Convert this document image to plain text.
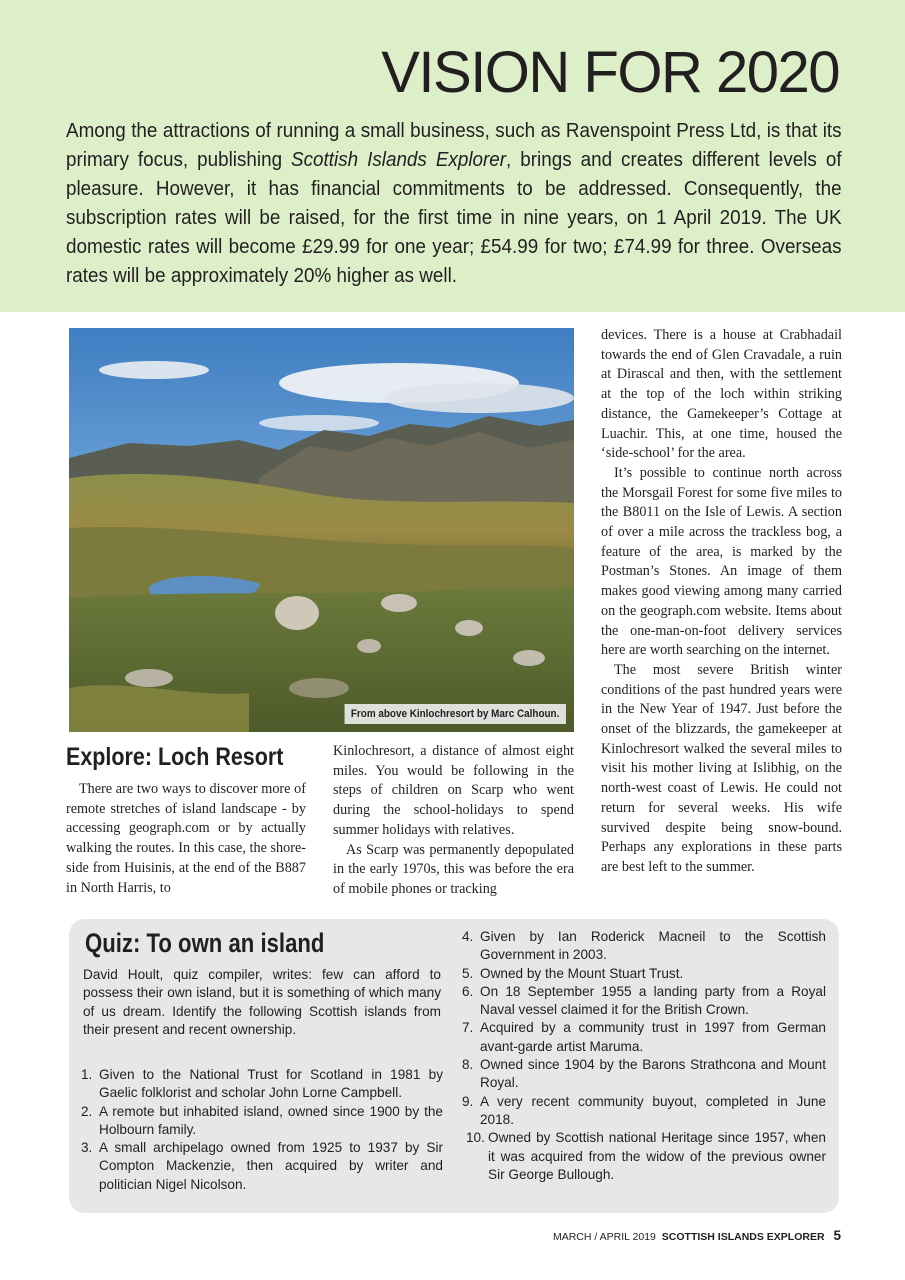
VISION FOR 2020

Among the attractions of running a small business, such as Ravenspoint Press Ltd, is that its primary focus, publishing Scottish Islands Explorer, brings and creates different levels of pleasure. However, it has financial commitments to be addressed. Consequently, the subscription rates will be raised, for the first time in nine years, on 1 April 2019. The UK domestic rates will become £29.99 for one year; £54.99 for two; £74.99 for three. Overseas rates will be approximately 20% higher as well.

From above Kinlochresort by Marc Calhoun.
Explore: Loch Resort

There are two ways to discover more of remote stretches of island landscape - by accessing geograph.com or by actually walking the routes. In this case, the shore-side from Huisinis, at the end of the B887 in North Harris, to

Kinlochresort, a distance of almost eight miles. You would be following in the steps of children on Scarp who went during the school-holidays to spend summer holidays with relatives.

As Scarp was permanently depopulated in the early 1970s, this was before the era of mobile phones or tracking

devices. There is a house at Crabhadail towards the end of Glen Cravadale, a ruin at Dirascal and then, with the settlement at the top of the loch within striking distance, the Gamekeeper’s Cottage at Luachir. This, at one time, housed the ‘side-school’ for the area.

It’s possible to continue north across the Morsgail Forest for some five miles to the B8011 on the Isle of Lewis. A section of over a mile across the trackless bog, a feature of the area, is marked by the Postman’s Stones. An image of them makes good viewing among many carried on the geograph.com website. Items about the one-man-on-foot delivery services here are worth searching on the internet.

The most severe British winter conditions of the past hundred years were in the New Year of 1947. Just before the onset of the blizzards, the gamekeeper at Kinlochresort walked the several miles to visit his mother living at Islibhig, on the north-west coast of Lewis. He could not return for several weeks. His wife survived despite being snow-bound. Perhaps any explorations in these parts are best left to the summer.

Quiz: To own an island

David Hoult, quiz compiler, writes: few can afford to possess their own island, but it is something of which many of us dream. Identify the following Scottish islands from their present and recent ownership.

1. Given to the National Trust for Scotland in 1981 by Gaelic folklorist and scholar John Lorne Campbell.
2. A remote but inhabited island, owned since 1900 by the Holbourn family.
3. A small archipelago owned from 1925 to 1937 by Sir Compton Mackenzie, then acquired by writer and politician Nigel Nicolson.
4. Given by Ian Roderick Macneil to the Scottish Government in 2003.
5. Owned by the Mount Stuart Trust.
6. On 18 September 1955 a landing party from a Royal Naval vessel claimed it for the British Crown.
7. Acquired by a community trust in 1997 from German avant-garde artist Maruma.
8. Owned since 1904 by the Barons Strathcona and Mount Royal.
9. A very recent community buyout, completed in June 2018.
10. Owned by Scottish national Heritage since 1957, when it was acquired from the widow of the previous owner Sir George Bullough.
MARCH / APRIL 2019 SCOTTISH ISLANDS EXPLORER 5
